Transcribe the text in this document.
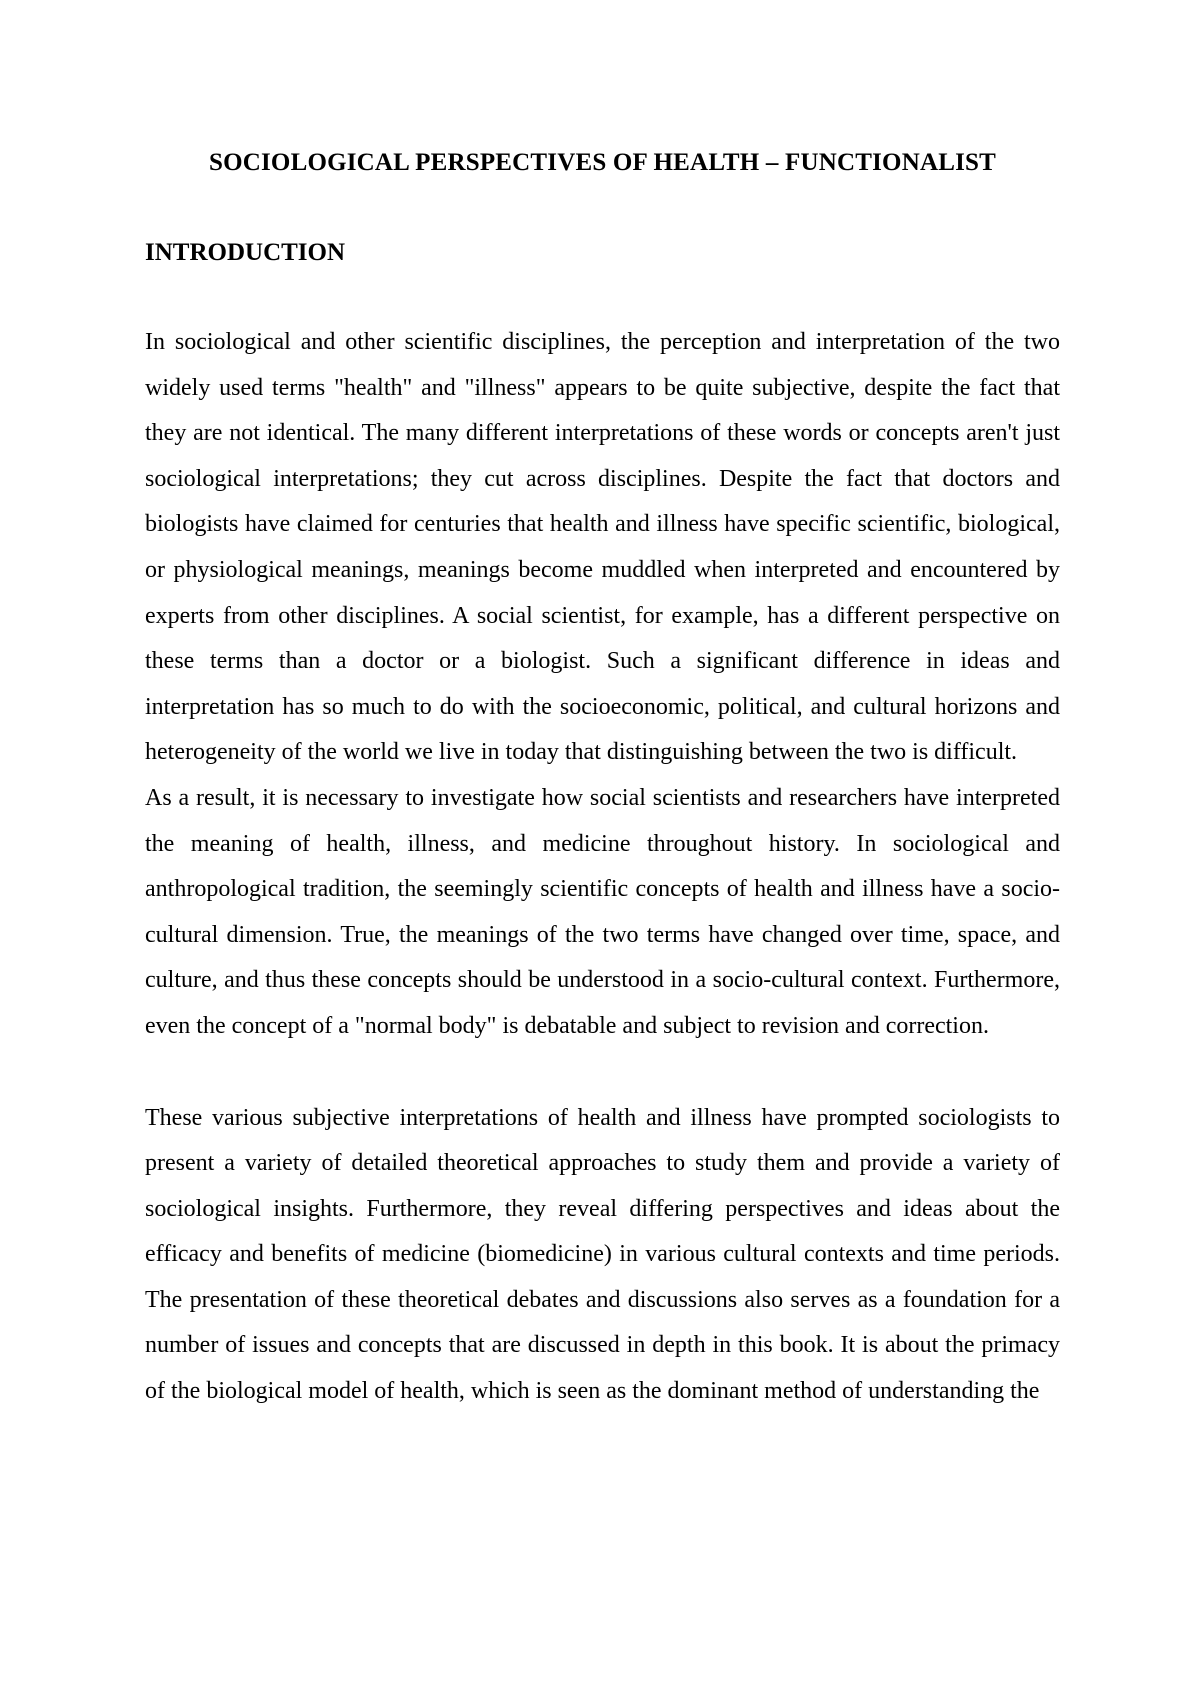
SOCIOLOGICAL PERSPECTIVES OF HEALTH – FUNCTIONALIST
INTRODUCTION

In sociological and other scientific disciplines, the perception and interpretation of the two widely used terms "health" and "illness" appears to be quite subjective, despite the fact that they are not identical. The many different interpretations of these words or concepts aren't just sociological interpretations; they cut across disciplines. Despite the fact that doctors and biologists have claimed for centuries that health and illness have specific scientific, biological, or physiological meanings, meanings become muddled when interpreted and encountered by experts from other disciplines. A social scientist, for example, has a different perspective on these terms than a doctor or a biologist. Such a significant difference in ideas and interpretation has so much to do with the socioeconomic, political, and cultural horizons and heterogeneity of the world we live in today that distinguishing between the two is difficult.

As a result, it is necessary to investigate how social scientists and researchers have interpreted the meaning of health, illness, and medicine throughout history. In sociological and anthropological tradition, the seemingly scientific concepts of health and illness have a socio-cultural dimension. True, the meanings of the two terms have changed over time, space, and culture, and thus these concepts should be understood in a socio-cultural context. Furthermore, even the concept of a "normal body" is debatable and subject to revision and correction.

These various subjective interpretations of health and illness have prompted sociologists to present a variety of detailed theoretical approaches to study them and provide a variety of sociological insights. Furthermore, they reveal differing perspectives and ideas about the efficacy and benefits of medicine (biomedicine) in various cultural contexts and time periods. The presentation of these theoretical debates and discussions also serves as a foundation for a number of issues and concepts that are discussed in depth in this book. It is about the primacy of the biological model of health, which is seen as the dominant method of understanding the
